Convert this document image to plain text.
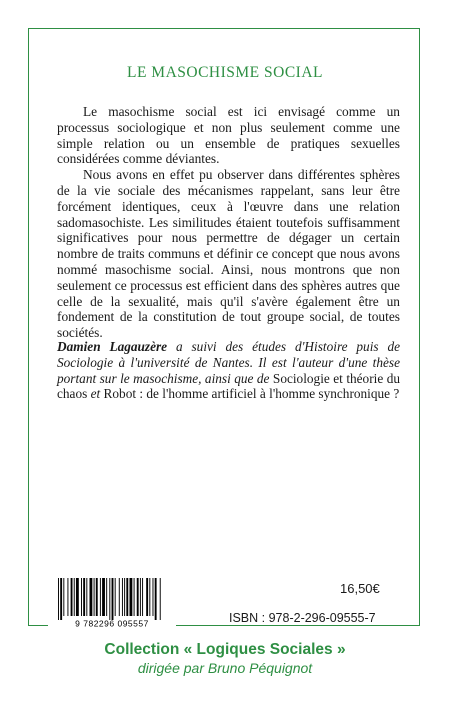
LE MASOCHISME SOCIAL

Le masochisme social est ici envisagé comme un processus sociologique et non plus seulement comme une simple relation ou un ensemble de pratiques sexuelles considérées comme déviantes.

Nous avons en effet pu observer dans différentes sphères de la vie sociale des mécanismes rappelant, sans leur être forcément identiques, ceux à l'œuvre dans une relation sadomasochiste. Les similitudes étaient toutefois suffisamment significatives pour nous permettre de dégager un certain nombre de traits communs et définir ce concept que nous avons nommé masochisme social. Ainsi, nous montrons que non seulement ce processus est efficient dans des sphères autres que celle de la sexualité, mais qu'il s'avère également être un fondement de la constitution de tout groupe social, de toutes sociétés.

Damien Lagauzère a suivi des études d'Histoire puis de Sociologie à l'université de Nantes. Il est l'auteur d'une thèse portant sur le masochisme, ainsi que de Sociologie et théorie du chaos et Robot : de l'homme artificiel à l'homme synchronique ?
9 782296 095557
16,50€
ISBN : 978-2-296-09555-7
Collection « Logiques Sociales »
dirigée par Bruno Péquignot
